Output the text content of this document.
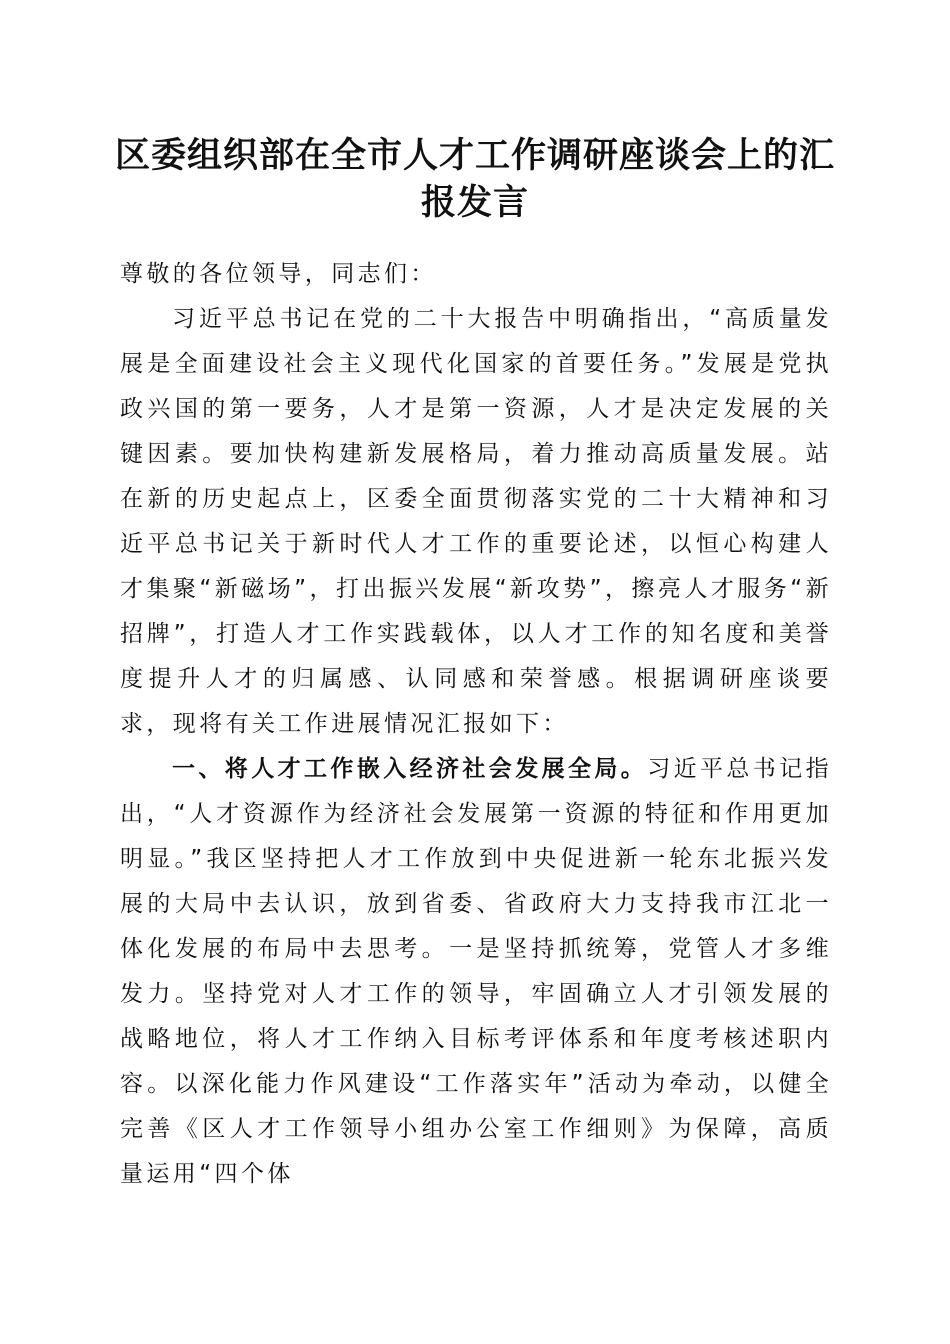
区委组织部在全市人才工作调研座谈会上的汇
报发言

尊敬的各位领导，同志们：

习近平总书记在党的二十大报告中明确指出，“高质量发展是全面建设社会主义现代化国家的首要任务。”发展是党执政兴国的第一要务，人才是第一资源，人才是决定发展的关键因素。要加快构建新发展格局，着力推动高质量发展。站在新的历史起点上，区委全面贯彻落实党的二十大精神和习近平总书记关于新时代人才工作的重要论述，以恒心构建人才集聚“新磁场”，打出振兴发展“新攻势”，擦亮人才服务“新招牌”，打造人才工作实践载体，以人才工作的知名度和美誉度提升人才的归属感、认同感和荣誉感。根据调研座谈要求，现将有关工作进展情况汇报如下：

一、将人才工作嵌入经济社会发展全局。习近平总书记指出，“人才资源作为经济社会发展第一资源的特征和作用更加明显。”我区坚持把人才工作放到中央促进新一轮东北振兴发展的大局中去认识，放到省委、省政府大力支持我市江北一体化发展的布局中去思考。一是坚持抓统筹，党管人才多维发力。坚持党对人才工作的领导，牢固确立人才引领发展的战略地位，将人才工作纳入目标考评体系和年度考核述职内容。以深化能力作风建设“工作落实年”活动为牵动，以健全完善《区人才工作领导小组办公室工作细则》为保障，高质量运用“四个体
